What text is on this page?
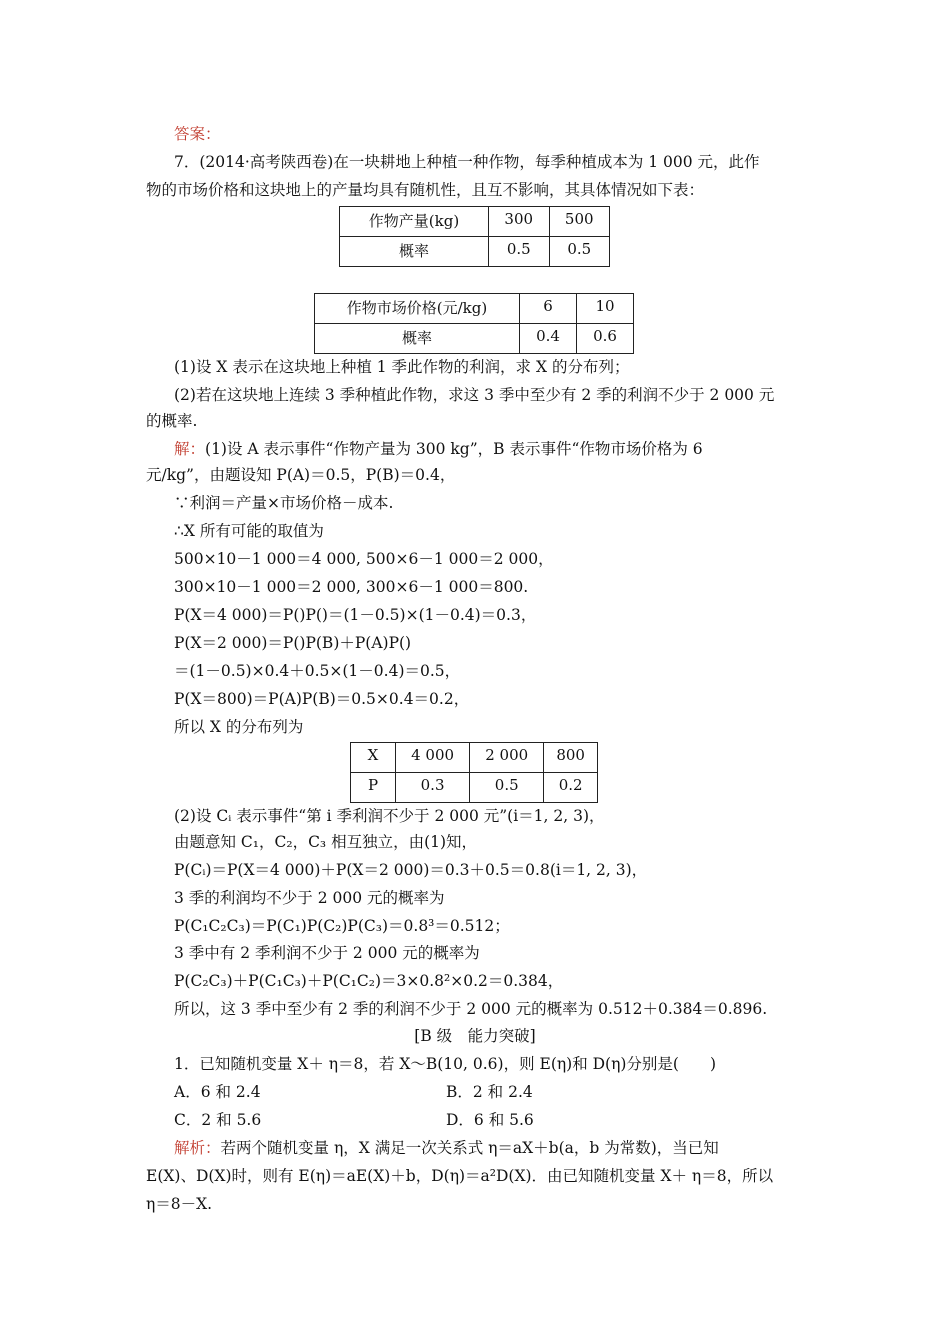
答案：
7．(2014·高考陕西卷)在一块耕地上种植一种作物，每季种植成本为 1 000 元，此作
物的市场价格和这块地上的产量均具有随机性，且互不影响，其具体情况如下表：
作物产量(kg)	300	500
概率	0.5	0.5
作物市场价格(元/kg)	6	10
概率	0.4	0.6
(1)设 X 表示在这块地上种植 1 季此作物的利润，求 X 的分布列；
(2)若在这块地上连续 3 季种植此作物，求这 3 季中至少有 2 季的利润不少于 2 000 元
的概率.
解：(1)设 A 表示事件“作物产量为 300 kg”，B 表示事件“作物市场价格为 6
元/kg”，由题设知 P(A)＝0.5，P(B)＝0.4，
∵利润＝产量×市场价格－成本.
∴X 所有可能的取值为
500×10－1 000＝4 000, 500×6－1 000＝2 000，
300×10－1 000＝2 000, 300×6－1 000＝800.
P(X＝4 000)＝P()P()＝(1－0.5)×(1－0.4)＝0.3，
P(X＝2 000)＝P()P(B)＋P(A)P()
＝(1－0.5)×0.4＋0.5×(1－0.4)＝0.5，
P(X＝800)＝P(A)P(B)＝0.5×0.4＝0.2，
所以 X 的分布列为
X	4 000	2 000	800
P	0.3	0.5	0.2
(2)设 Cᵢ 表示事件“第 i 季利润不少于 2 000 元”(i＝1, 2, 3)，
由题意知 C₁，C₂，C₃ 相互独立，由(1)知，
P(Cᵢ)＝P(X＝4 000)＋P(X＝2 000)＝0.3＋0.5＝0.8(i＝1, 2, 3)，
3 季的利润均不少于 2 000 元的概率为
P(C₁C₂C₃)＝P(C₁)P(C₂)P(C₃)＝0.8³＝0.512；
3 季中有 2 季利润不少于 2 000 元的概率为
P(C₂C₃)＋P(C₁C₃)＋P(C₁C₂)＝3×0.8²×0.2＝0.384，
所以，这 3 季中至少有 2 季的利润不少于 2 000 元的概率为 0.512＋0.384＝0.896.
[B 级　能力突破]
1．已知随机变量 X＋ η＝8，若 X～B(10, 0.6)，则 E(η)和 D(η)分别是(　　)
A．6 和 2.4	B．2 和 2.4
C．2 和 5.6	D．6 和 5.6
解析：若两个随机变量 η，X 满足一次关系式 η＝aX＋b(a，b 为常数)，当已知
E(X)、D(X)时，则有 E(η)＝aE(X)＋b，D(η)＝a²D(X)．由已知随机变量 X＋ η＝8，所以
η＝8－X.
